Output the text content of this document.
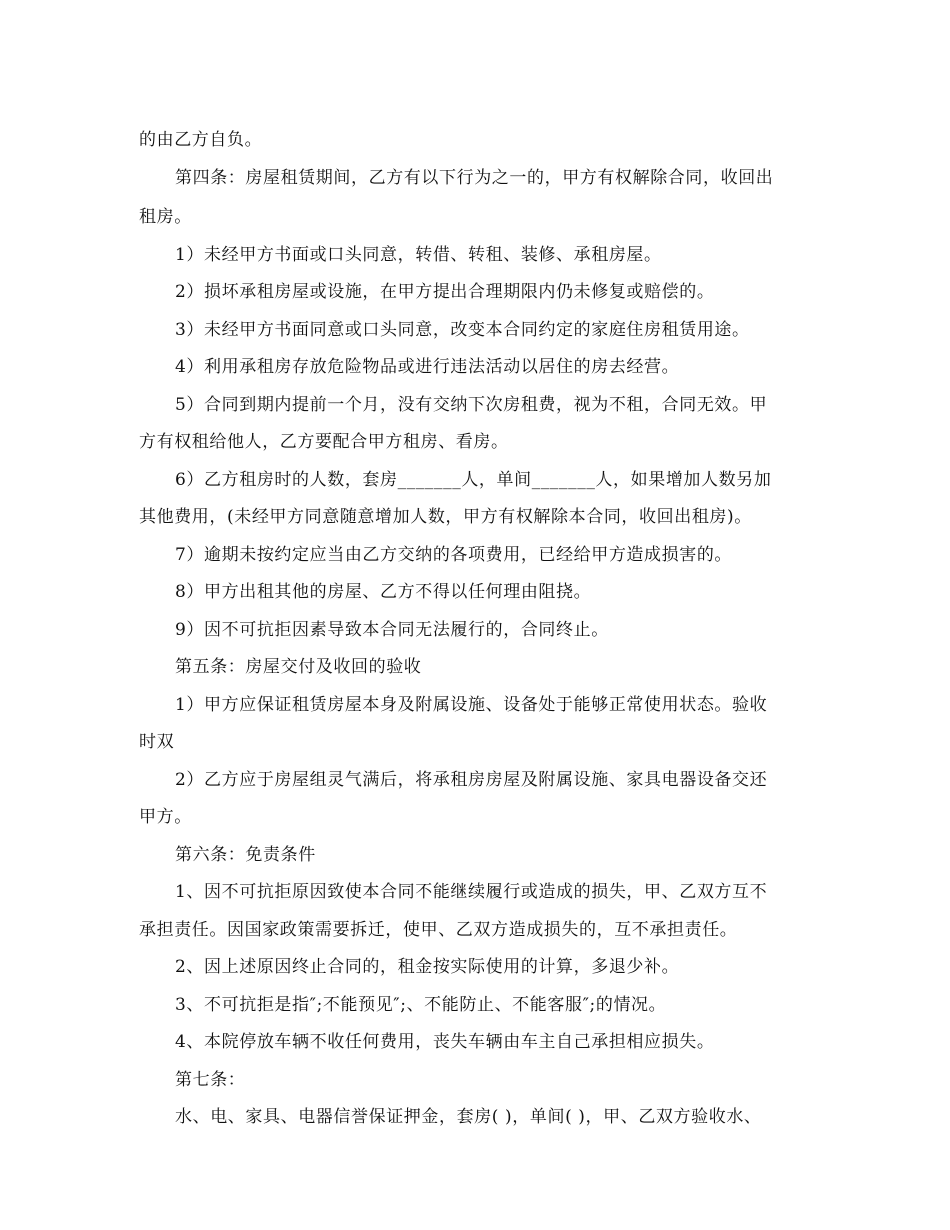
的由乙方自负。
第四条：房屋租赁期间，乙方有以下行为之一的，甲方有权解除合同，收回出
租房。
1）未经甲方书面或口头同意，转借、转租、装修、承租房屋。
2）损坏承租房屋或设施，在甲方提出合理期限内仍未修复或赔偿的。
3）未经甲方书面同意或口头同意，改变本合同约定的家庭住房租赁用途。
4）利用承租房存放危险物品或进行违法活动以居住的房去经营。
5）合同到期内提前一个月，没有交纳下次房租费，视为不租，合同无效。甲
方有权租给他人，乙方要配合甲方租房、看房。
6）乙方租房时的人数，套房_______人，单间_______人，如果增加人数另加
其他费用，(未经甲方同意随意增加人数，甲方有权解除本合同，收回出租房)。
7）逾期未按约定应当由乙方交纳的各项费用，已经给甲方造成损害的。
8）甲方出租其他的房屋、乙方不得以任何理由阻挠。
9）因不可抗拒因素导致本合同无法履行的，合同终止。
第五条：房屋交付及收回的验收
1）甲方应保证租赁房屋本身及附属设施、设备处于能够正常使用状态。验收
时双
2）乙方应于房屋组灵气满后，将承租房房屋及附属设施、家具电器设备交还
甲方。
第六条：免责条件
1、因不可抗拒原因致使本合同不能继续履行或造成的损失，甲、乙双方互不
承担责任。因国家政策需要拆迁，使甲、乙双方造成损失的，互不承担责任。
2、因上述原因终止合同的，租金按实际使用的计算，多退少补。
3、不可抗拒是指″;不能预见″;、不能防止、不能客服″;的情况。
4、本院停放车辆不收任何费用，丧失车辆由车主自己承担相应损失。
第七条：
水、电、家具、电器信誉保证押金，套房( )，单间( )，甲、乙双方验收水、
